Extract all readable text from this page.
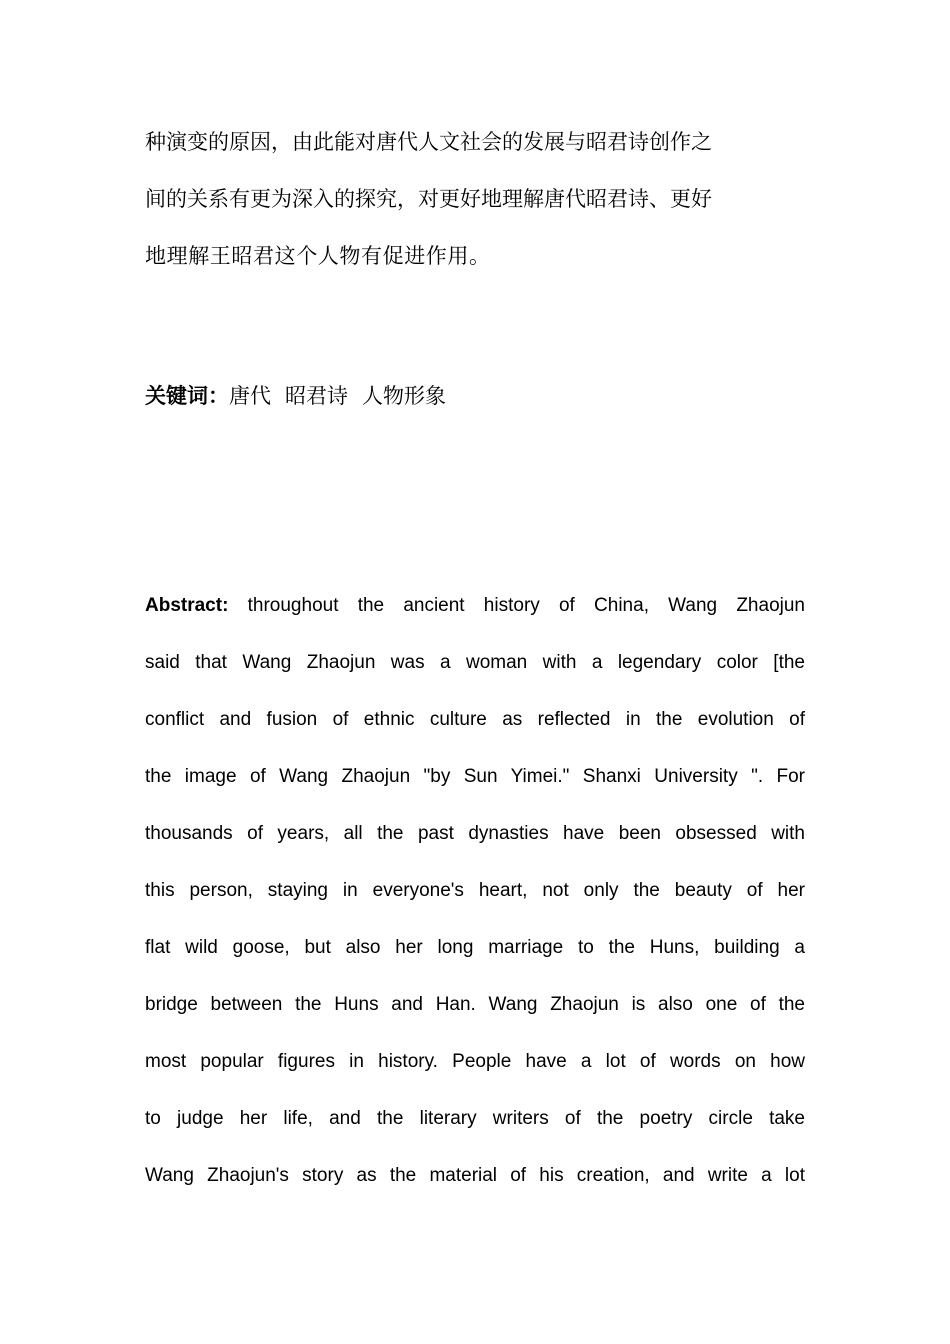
种演变的原因，由此能对唐代人文社会的发展与昭君诗创作之
间的关系有更为深入的探究，对更好地理解唐代昭君诗、更好
地理解王昭君这个人物有促进作用。
关键词：唐代 昭君诗 人物形象
Abstract: throughout the ancient history of China, Wang Zhaojun
said that Wang Zhaojun was a woman with a legendary color [the
conflict and fusion of ethnic culture as reflected in the evolution of
the image of Wang Zhaojun "by Sun Yimei." Shanxi University ". For
thousands of years, all the past dynasties have been obsessed with
this person, staying in everyone's heart, not only the beauty of her
flat wild goose, but also her long marriage to the Huns, building a
bridge between the Huns and Han. Wang Zhaojun is also one of the
most popular figures in history. People have a lot of words on how
to judge her life, and the literary writers of the poetry circle take
Wang Zhaojun's story as the material of his creation, and write a lot
